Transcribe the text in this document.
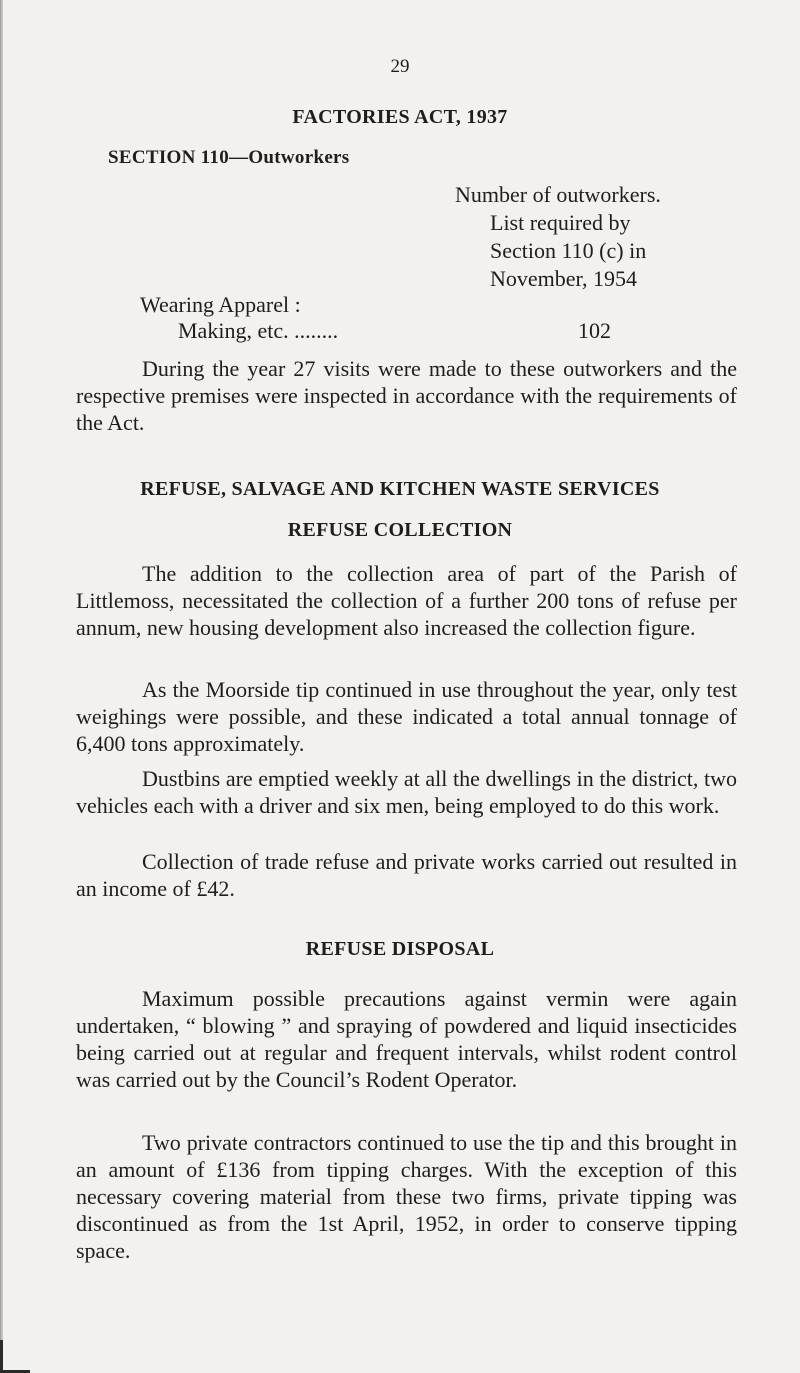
29
FACTORIES ACT, 1937
SECTION 110—Outworkers
Number of outworkers.
List required by
Section 110 (c) in
November, 1954
Wearing Apparel :
Making, etc. ........	102

During the year 27 visits were made to these outworkers and the respective premises were inspected in accordance with the requirements of the Act.

REFUSE, SALVAGE AND KITCHEN WASTE SERVICES
REFUSE COLLECTION

The addition to the collection area of part of the Parish of Littlemoss, necessitated the collection of a further 200 tons of refuse per annum, new housing development also increased the collection figure.

As the Moorside tip continued in use throughout the year, only test weighings were possible, and these indicated a total annual tonnage of 6,400 tons approximately.

Dustbins are emptied weekly at all the dwellings in the district, two vehicles each with a driver and six men, being employed to do this work.

Collection of trade refuse and private works carried out resulted in an income of £42.

REFUSE DISPOSAL

Maximum possible precautions against vermin were again undertaken, “ blowing ” and spraying of powdered and liquid insecticides being carried out at regular and frequent intervals, whilst rodent control was carried out by the Council’s Rodent Operator.

Two private contractors continued to use the tip and this brought in an amount of £136 from tipping charges. With the exception of this necessary covering material from these two firms, private tipping was discontinued as from the 1st April, 1952, in order to conserve tipping space.
